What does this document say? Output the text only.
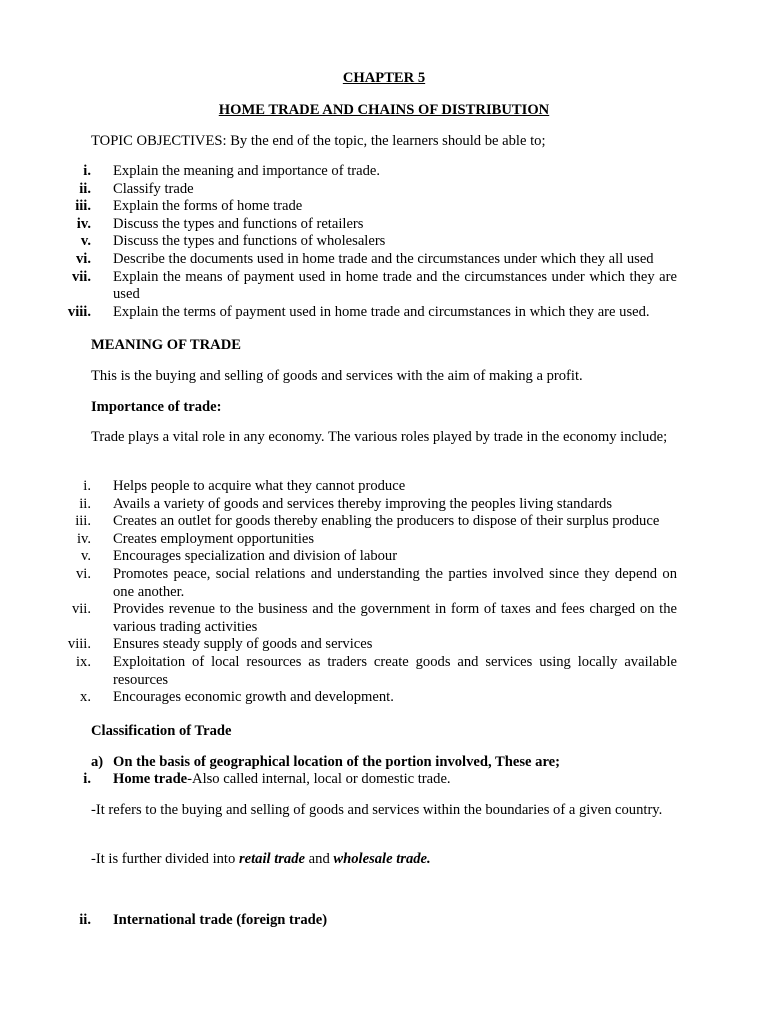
CHAPTER 5
HOME TRADE AND CHAINS OF DISTRIBUTION
TOPIC OBJECTIVES: By the end of the topic, the learners should be able to;
i. Explain the meaning and importance of trade.
ii. Classify trade
iii. Explain the forms of home trade
iv. Discuss the types and functions of retailers
v. Discuss the types and functions of wholesalers
vi. Describe the documents used in home trade and the circumstances under which they all used
vii. Explain the means of payment used in home trade and the circumstances under which they are used
viii. Explain the terms of payment used in home trade and circumstances in which they are used.
MEANING OF TRADE
This is the buying and selling of goods and services with the aim of making a profit.
Importance of trade:
Trade plays a vital role in any economy. The various roles played by trade in the economy include;
i. Helps people to acquire what they cannot produce
ii. Avails a variety of goods and services thereby improving the peoples living standards
iii. Creates an outlet for goods thereby enabling the producers to dispose of their surplus produce
iv. Creates employment opportunities
v. Encourages specialization and division of labour
vi. Promotes peace, social relations and understanding the parties involved since they depend on one another.
vii. Provides revenue to the business and the government in form of taxes and fees charged on the various trading activities
viii. Ensures steady supply of goods and services
ix. Exploitation of local resources as traders create goods and services using locally available resources
x. Encourages economic growth and development.
Classification of Trade
a) On the basis of geographical location of the portion involved, These are;
i. Home trade-Also called internal, local or domestic trade.
-It refers to the buying and selling of goods and services within the boundaries of a given country.
-It is further divided into retail trade and wholesale trade.
ii. International trade (foreign trade)
